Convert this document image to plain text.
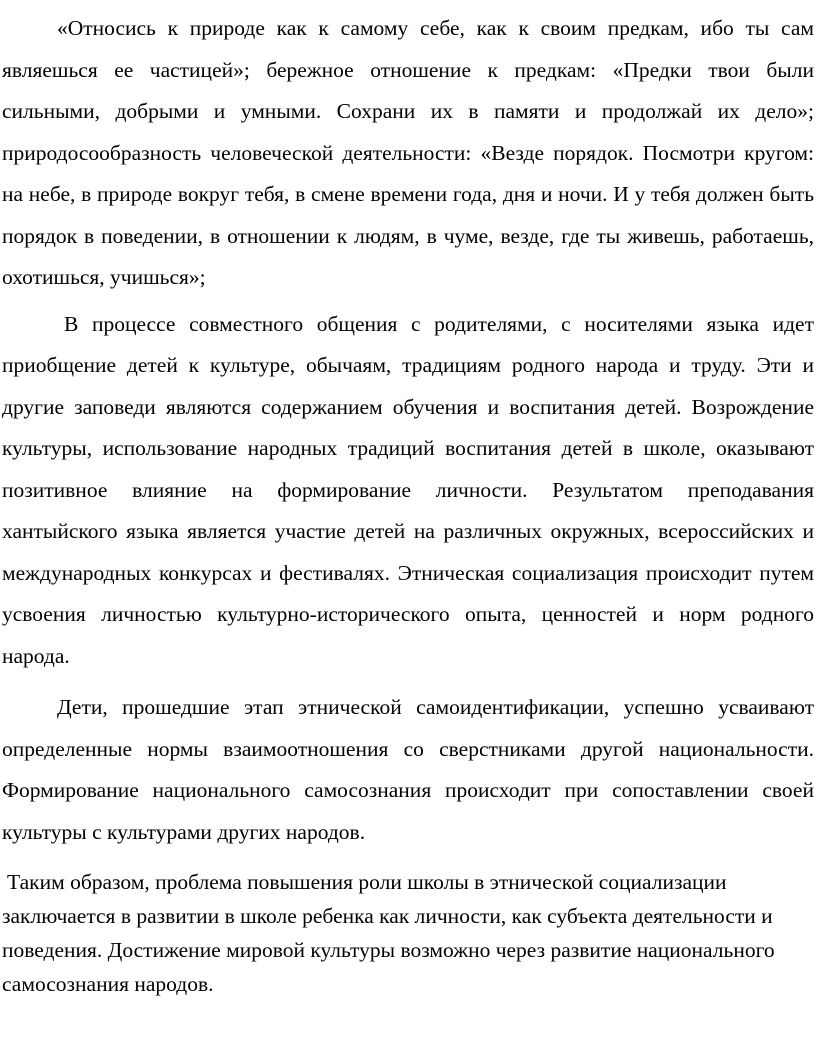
«Относись к природе как к самому себе, как к своим предкам, ибо ты сам являешься ее частицей»; бережное отношение к предкам: «Предки твои были сильными, добрыми и умными. Сохрани их в памяти и продолжай их дело»; природосообразность человеческой деятельности: «Везде порядок. Посмотри кругом: на небе, в природе вокруг тебя, в смене времени года, дня и ночи. И у тебя должен быть порядок в поведении, в отношении к людям, в чуме, везде, где ты живешь, работаешь, охотишься, учишься»;

В процессе совместного общения с родителями, с носителями языка идет приобщение детей к культуре, обычаям, традициям родного народа и труду. Эти и другие заповеди являются содержанием обучения и воспитания детей. Возрождение культуры, использование народных традиций воспитания детей в школе, оказывают позитивное влияние на формирование личности. Результатом преподавания хантыйского языка является участие детей на различных окружных, всероссийских и международных конкурсах и фестивалях. Этническая социализация происходит путем усвоения личностью культурно-исторического опыта, ценностей и норм родного народа.

Дети, прошедшие этап этнической самоидентификации, успешно усваивают определенные нормы взаимоотношения со сверстниками другой национальности. Формирование национального самосознания происходит при сопоставлении своей культуры с культурами других народов.

Таким образом, проблема повышения роли школы в этнической социализации заключается в развитии в школе ребенка как личности, как субъекта деятельности и поведения. Достижение мировой культуры возможно через развитие национального самосознания народов.
